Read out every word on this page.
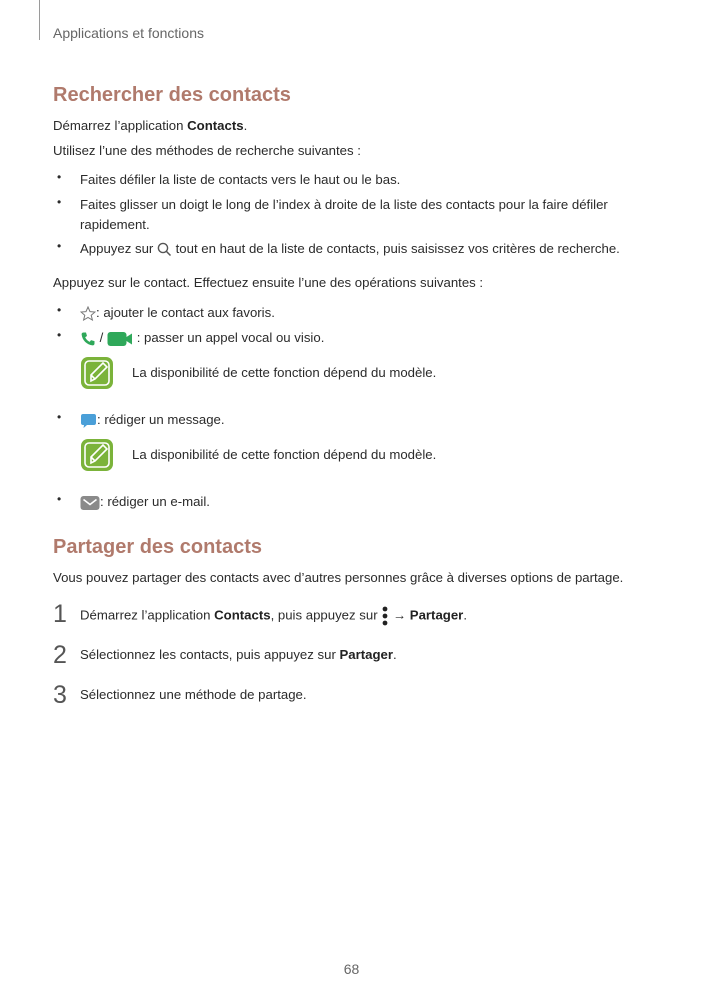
Applications et fonctions
Rechercher des contacts
Démarrez l’application Contacts.
Utilisez l’une des méthodes de recherche suivantes :
• Faites défiler la liste de contacts vers le haut ou le bas.
• Faites glisser un doigt le long de l’index à droite de la liste des contacts pour la faire défiler rapidement.
• Appuyez sur  tout en haut de la liste de contacts, puis saisissez vos critères de recherche.
Appuyez sur le contact. Effectuez ensuite l’une des opérations suivantes :
•	: ajouter le contact aux favoris.
•	/	: passer un appel vocal ou visio.
La disponibilité de cette fonction dépend du modèle.
•	: rédiger un message.
La disponibilité de cette fonction dépend du modèle.
•	: rédiger un e-mail.
Partager des contacts
Vous pouvez partager des contacts avec d’autres personnes grâce à diverses options de partage.
1 Démarrez l’application Contacts, puis appuyez sur  → Partager.
2 Sélectionnez les contacts, puis appuyez sur Partager.
3 Sélectionnez une méthode de partage.
68
